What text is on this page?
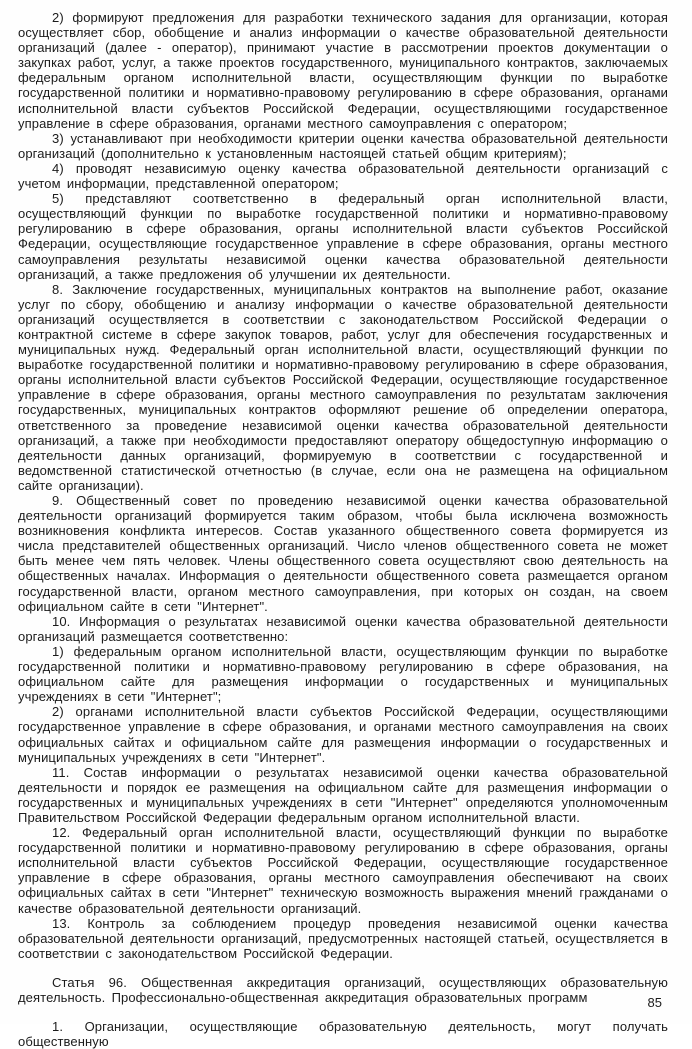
2) формируют предложения для разработки технического задания для организации, которая осуществляет сбор, обобщение и анализ информации о качестве образовательной деятельности организаций (далее - оператор), принимают участие в рассмотрении проектов документации о закупках работ, услуг, а также проектов государственного, муниципального контрактов, заключаемых федеральным органом исполнительной власти, осуществляющим функции по выработке государственной политики и нормативно-правовому регулированию в сфере образования, органами исполнительной власти субъектов Российской Федерации, осуществляющими государственное управление в сфере образования, органами местного самоуправления с оператором;

3) устанавливают при необходимости критерии оценки качества образовательной деятельности организаций (дополнительно к установленным настоящей статьей общим критериям);

4) проводят независимую оценку качества образовательной деятельности организаций с учетом информации, представленной оператором;

5) представляют соответственно в федеральный орган исполнительной власти, осуществляющий функции по выработке государственной политики и нормативно-правовому регулированию в сфере образования, органы исполнительной власти субъектов Российской Федерации, осуществляющие государственное управление в сфере образования, органы местного самоуправления результаты независимой оценки качества образовательной деятельности организаций, а также предложения об улучшении их деятельности.

8. Заключение государственных, муниципальных контрактов на выполнение работ, оказание услуг по сбору, обобщению и анализу информации о качестве образовательной деятельности организаций осуществляется в соответствии с законодательством Российской Федерации о контрактной системе в сфере закупок товаров, работ, услуг для обеспечения государственных и муниципальных нужд. Федеральный орган исполнительной власти, осуществляющий функции по выработке государственной политики и нормативно-правовому регулированию в сфере образования, органы исполнительной власти субъектов Российской Федерации, осуществляющие государственное управление в сфере образования, органы местного самоуправления по результатам заключения государственных, муниципальных контрактов оформляют решение об определении оператора, ответственного за проведение независимой оценки качества образовательной деятельности организаций, а также при необходимости предоставляют оператору общедоступную информацию о деятельности данных организаций, формируемую в соответствии с государственной и ведомственной статистической отчетностью (в случае, если она не размещена на официальном сайте организации).

9. Общественный совет по проведению независимой оценки качества образовательной деятельности организаций формируется таким образом, чтобы была исключена возможность возникновения конфликта интересов. Состав указанного общественного совета формируется из числа представителей общественных организаций. Число членов общественного совета не может быть менее чем пять человек. Члены общественного совета осуществляют свою деятельность на общественных началах. Информация о деятельности общественного совета размещается органом государственной власти, органом местного самоуправления, при которых он создан, на своем официальном сайте в сети "Интернет".

10. Информация о результатах независимой оценки качества образовательной деятельности организаций размещается соответственно:

1) федеральным органом исполнительной власти, осуществляющим функции по выработке государственной политики и нормативно-правовому регулированию в сфере образования, на официальном сайте для размещения информации о государственных и муниципальных учреждениях в сети "Интернет";

2) органами исполнительной власти субъектов Российской Федерации, осуществляющими государственное управление в сфере образования, и органами местного самоуправления на своих официальных сайтах и официальном сайте для размещения информации о государственных и муниципальных учреждениях в сети "Интернет".

11. Состав информации о результатах независимой оценки качества образовательной деятельности и порядок ее размещения на официальном сайте для размещения информации о государственных и муниципальных учреждениях в сети "Интернет" определяются уполномоченным Правительством Российской Федерации федеральным органом исполнительной власти.

12. Федеральный орган исполнительной власти, осуществляющий функции по выработке государственной политики и нормативно-правовому регулированию в сфере образования, органы исполнительной власти субъектов Российской Федерации, осуществляющие государственное управление в сфере образования, органы местного самоуправления обеспечивают на своих официальных сайтах в сети "Интернет" техническую возможность выражения мнений гражданами о качестве образовательной деятельности организаций.

13. Контроль за соблюдением процедур проведения независимой оценки качества образовательной деятельности организаций, предусмотренных настоящей статьей, осуществляется в соответствии с законодательством Российской Федерации.

Статья 96. Общественная аккредитация организаций, осуществляющих образовательную деятельность. Профессионально-общественная аккредитация образовательных программ

1. Организации, осуществляющие образовательную деятельность, могут получать общественную

85
